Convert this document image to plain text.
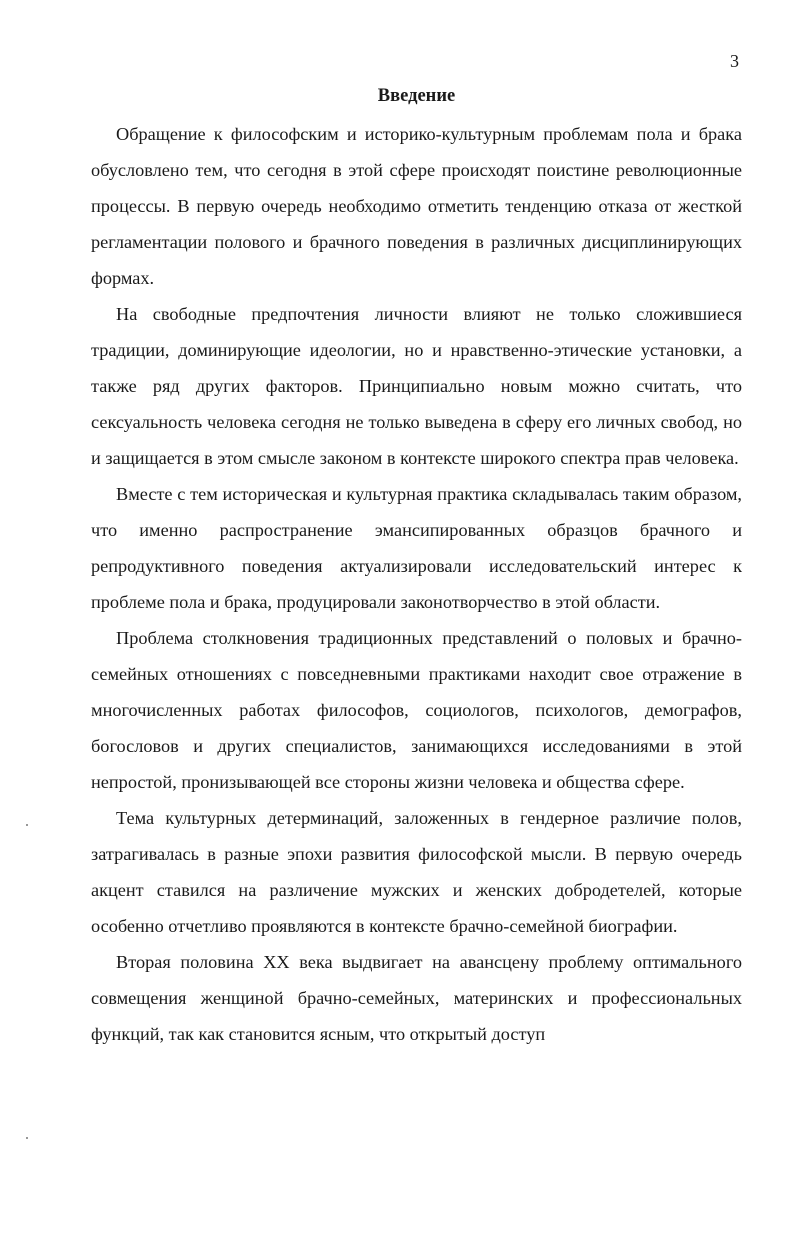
3
Введение

Обращение к философским и историко-культурным проблемам пола и брака обусловлено тем, что сегодня в этой сфере происходят поистине революционные процессы. В первую очередь необходимо отметить тенденцию отказа от жесткой регламентации полового и брачного поведения в различных дисциплинирующих формах.

На свободные предпочтения личности влияют не только сложившиеся традиции, доминирующие идеологии, но и нравственно-этические установки, а также ряд других факторов. Принципиально новым можно считать, что сексуальность человека сегодня не только выведена в сферу его личных свобод, но и защищается в этом смысле законом в контексте широкого спектра прав человека.

Вместе с тем историческая и культурная практика складывалась таким образом, что именно распространение эмансипированных образцов брачного и репродуктивного поведения актуализировали исследовательский интерес к проблеме пола и брака, продуцировали законотворчество в этой области.

Проблема столкновения традиционных представлений о половых и брачно-семейных отношениях с повседневными практиками находит свое отражение в многочисленных работах философов, социологов, психологов, демографов, богословов и других специалистов, занимающихся исследованиями в этой непростой, пронизывающей все стороны жизни человека и общества сфере.

Тема культурных детерминаций, заложенных в гендерное различие полов, затрагивалась в разные эпохи развития философской мысли. В первую очередь акцент ставился на различение мужских и женских добродетелей, которые особенно отчетливо проявляются в контексте брачно-семейной биографии.

Вторая половина XX века выдвигает на авансцену проблему оптимального совмещения женщиной брачно-семейных, материнских и профессиональных функций, так как становится ясным, что открытый доступ
